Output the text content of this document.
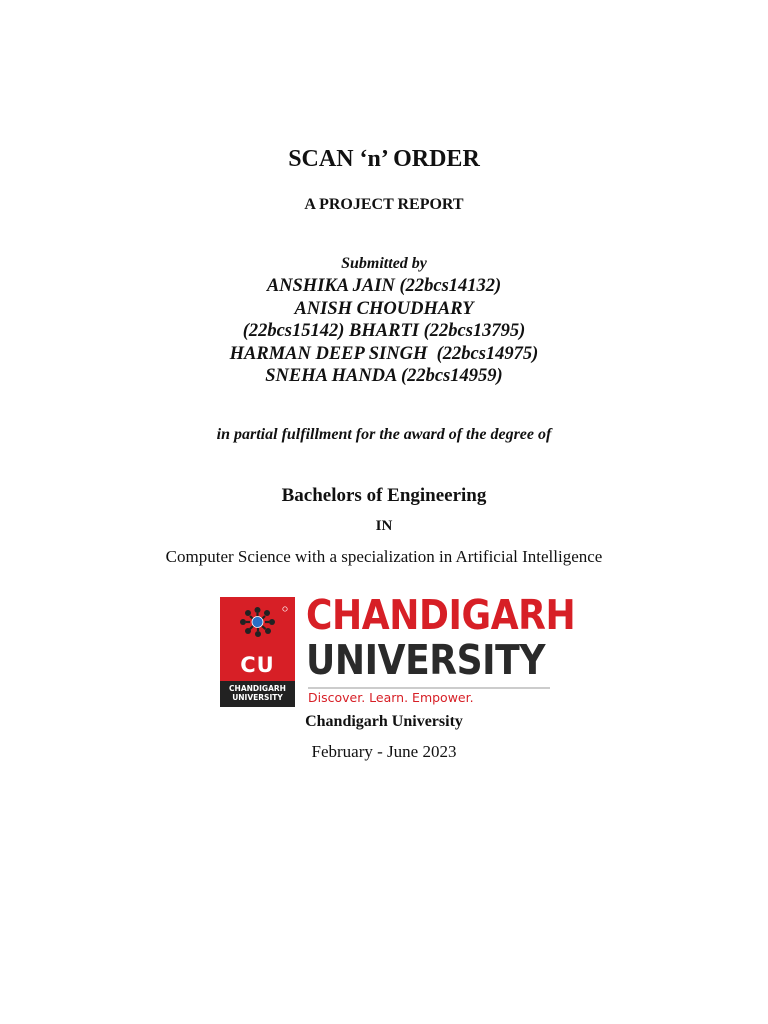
SCAN ‘n’ ORDER
A PROJECT REPORT
Submitted by
ANSHIKA JAIN (22bcs14132)
ANISH CHOUDHARY
(22bcs15142) BHARTI (22bcs13795)
HARMAN DEEP SINGH  (22bcs14975)
SNEHA HANDA (22bcs14959)
in partial fulfillment for the award of the degree of
Bachelors of Engineering
IN
Computer Science with a specialization in Artificial Intelligence
CU
CHANDIGARH
UNIVERSITY
CHANDIGARH
UNIVERSITY
Discover. Learn. Empower.
Chandigarh University
February - June 2023
